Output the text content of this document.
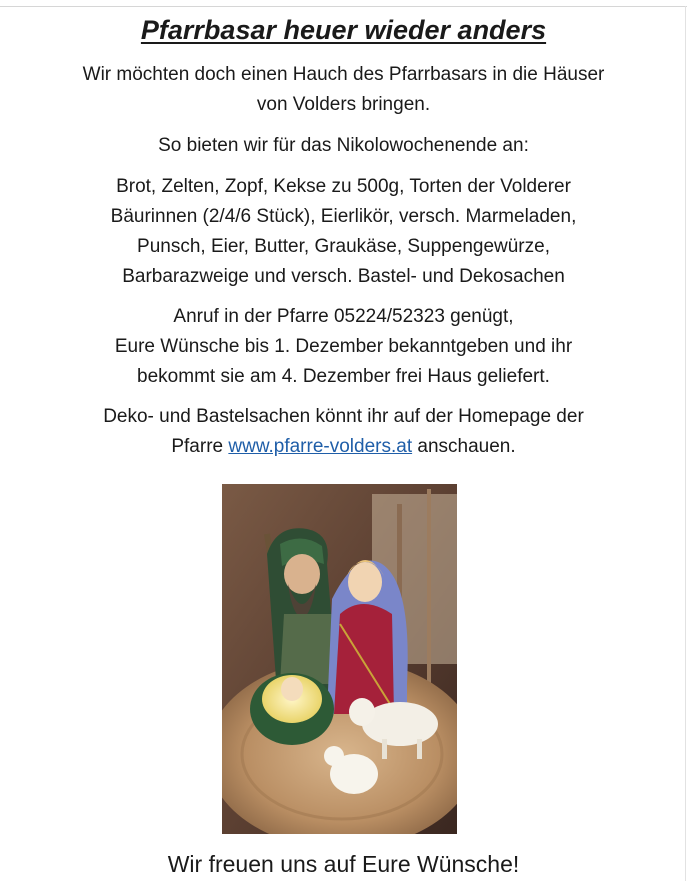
Pfarrbasar heuer wieder anders

Wir möchten doch einen Hauch des Pfarrbasars in die Häuser
von Volders bringen.

So bieten wir für das Nikolowochenende an:

Brot, Zelten, Zopf, Kekse zu 500g, Torten der Volderer
Bäurinnen (2/4/6 Stück), Eierlikör, versch. Marmeladen,
Punsch, Eier, Butter, Graukäse, Suppengewürze,
Barbarazweige und versch. Bastel- und Dekosachen

Anruf in der Pfarre 05224/52323 genügt,
Eure Wünsche bis 1. Dezember bekanntgeben und ihr
bekommt sie am 4. Dezember frei Haus geliefert.

Deko- und Bastelsachen könnt ihr auf der Homepage der
Pfarre www.pfarre-volders.at anschauen.

Wir freuen uns auf Eure Wünsche!
